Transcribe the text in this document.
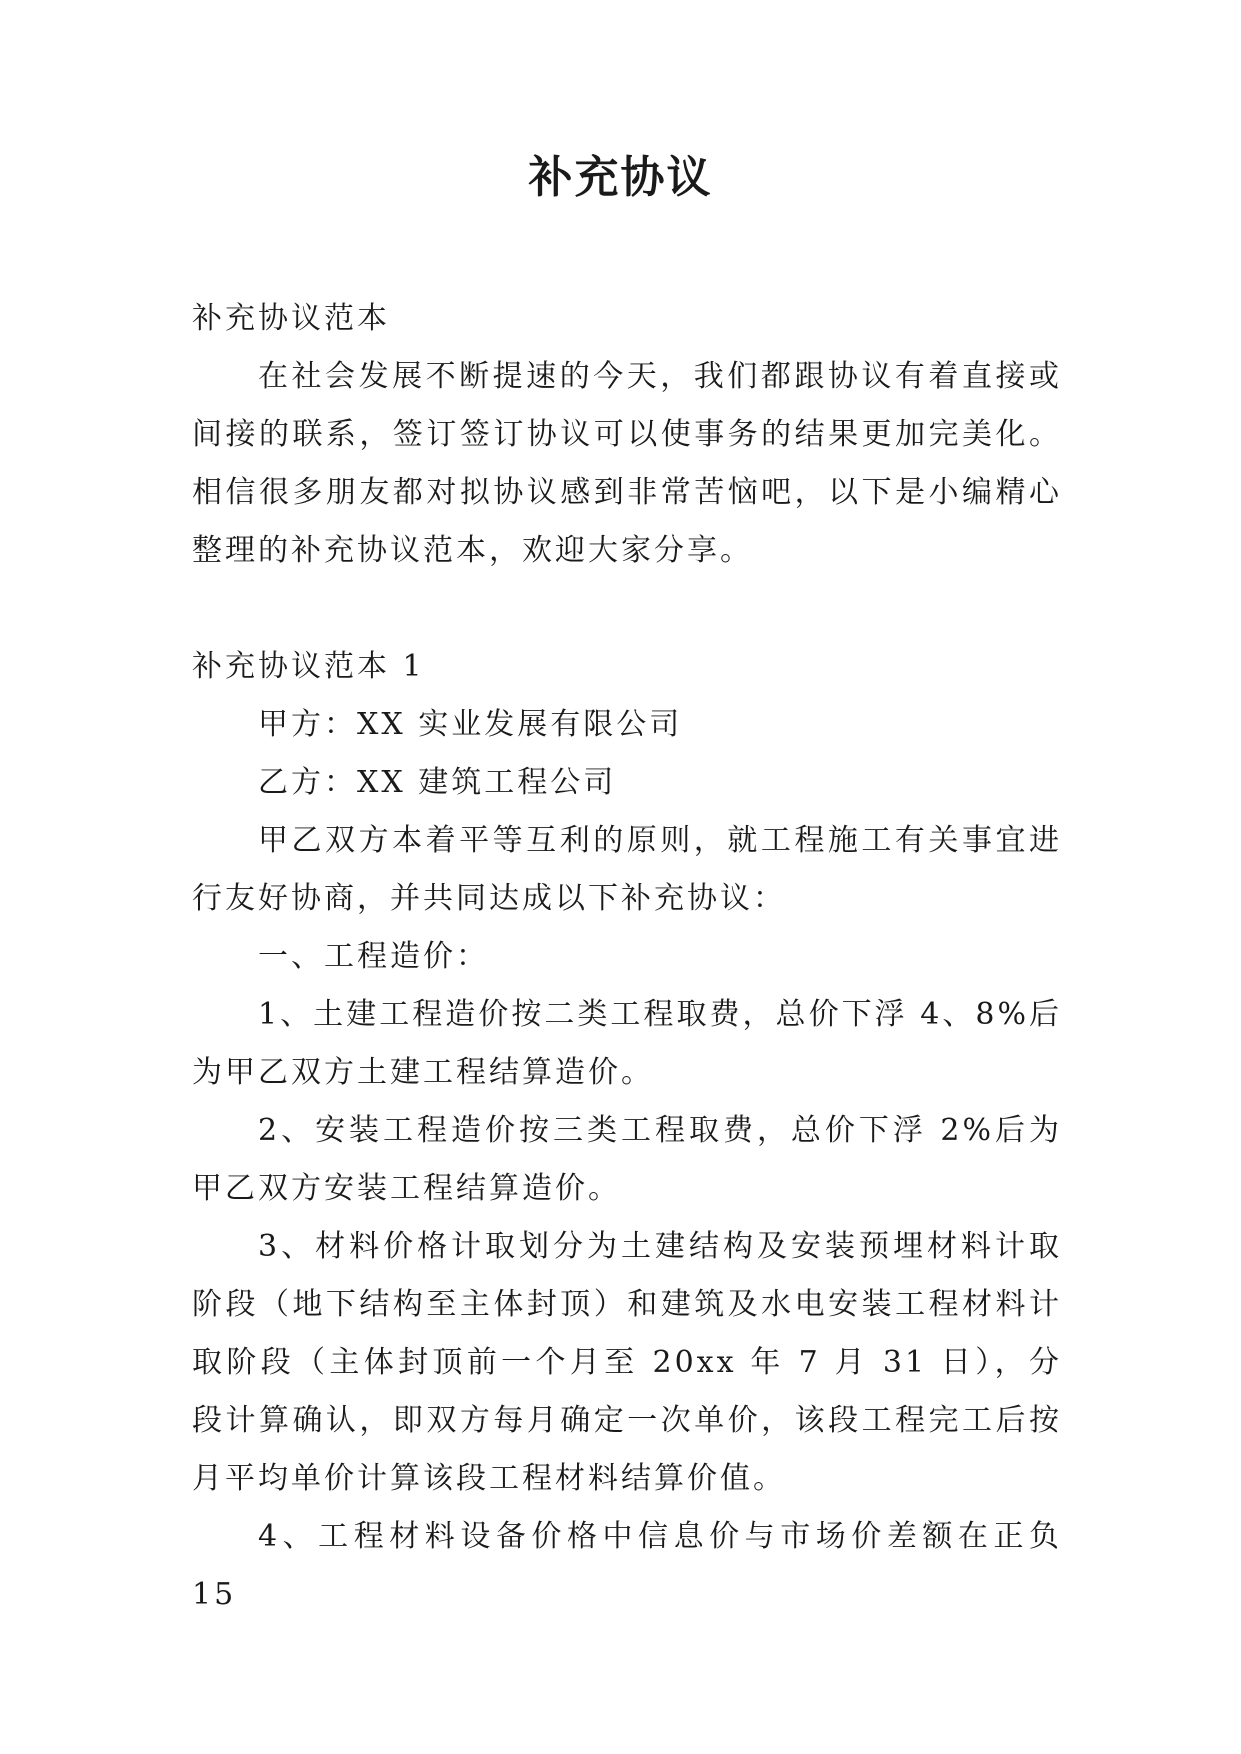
补充协议

补充协议范本

在社会发展不断提速的今天，我们都跟协议有着直接或间接的联系，签订签订协议可以使事务的结果更加完美化。相信很多朋友都对拟协议感到非常苦恼吧，以下是小编精心整理的补充协议范本，欢迎大家分享。

补充协议范本 1

甲方：XX 实业发展有限公司

乙方：XX 建筑工程公司

甲乙双方本着平等互利的原则，就工程施工有关事宜进行友好协商，并共同达成以下补充协议：

一、工程造价：

1、土建工程造价按二类工程取费，总价下浮 4、8%后为甲乙双方土建工程结算造价。

2、安装工程造价按三类工程取费，总价下浮 2%后为甲乙双方安装工程结算造价。

3、材料价格计取划分为土建结构及安装预埋材料计取阶段（地下结构至主体封顶）和建筑及水电安装工程材料计取阶段（主体封顶前一个月至 20xx 年 7 月 31 日），分段计算确认，即双方每月确定一次单价，该段工程完工后按月平均单价计算该段工程材料结算价值。

4、工程材料设备价格中信息价与市场价差额在正负 15
